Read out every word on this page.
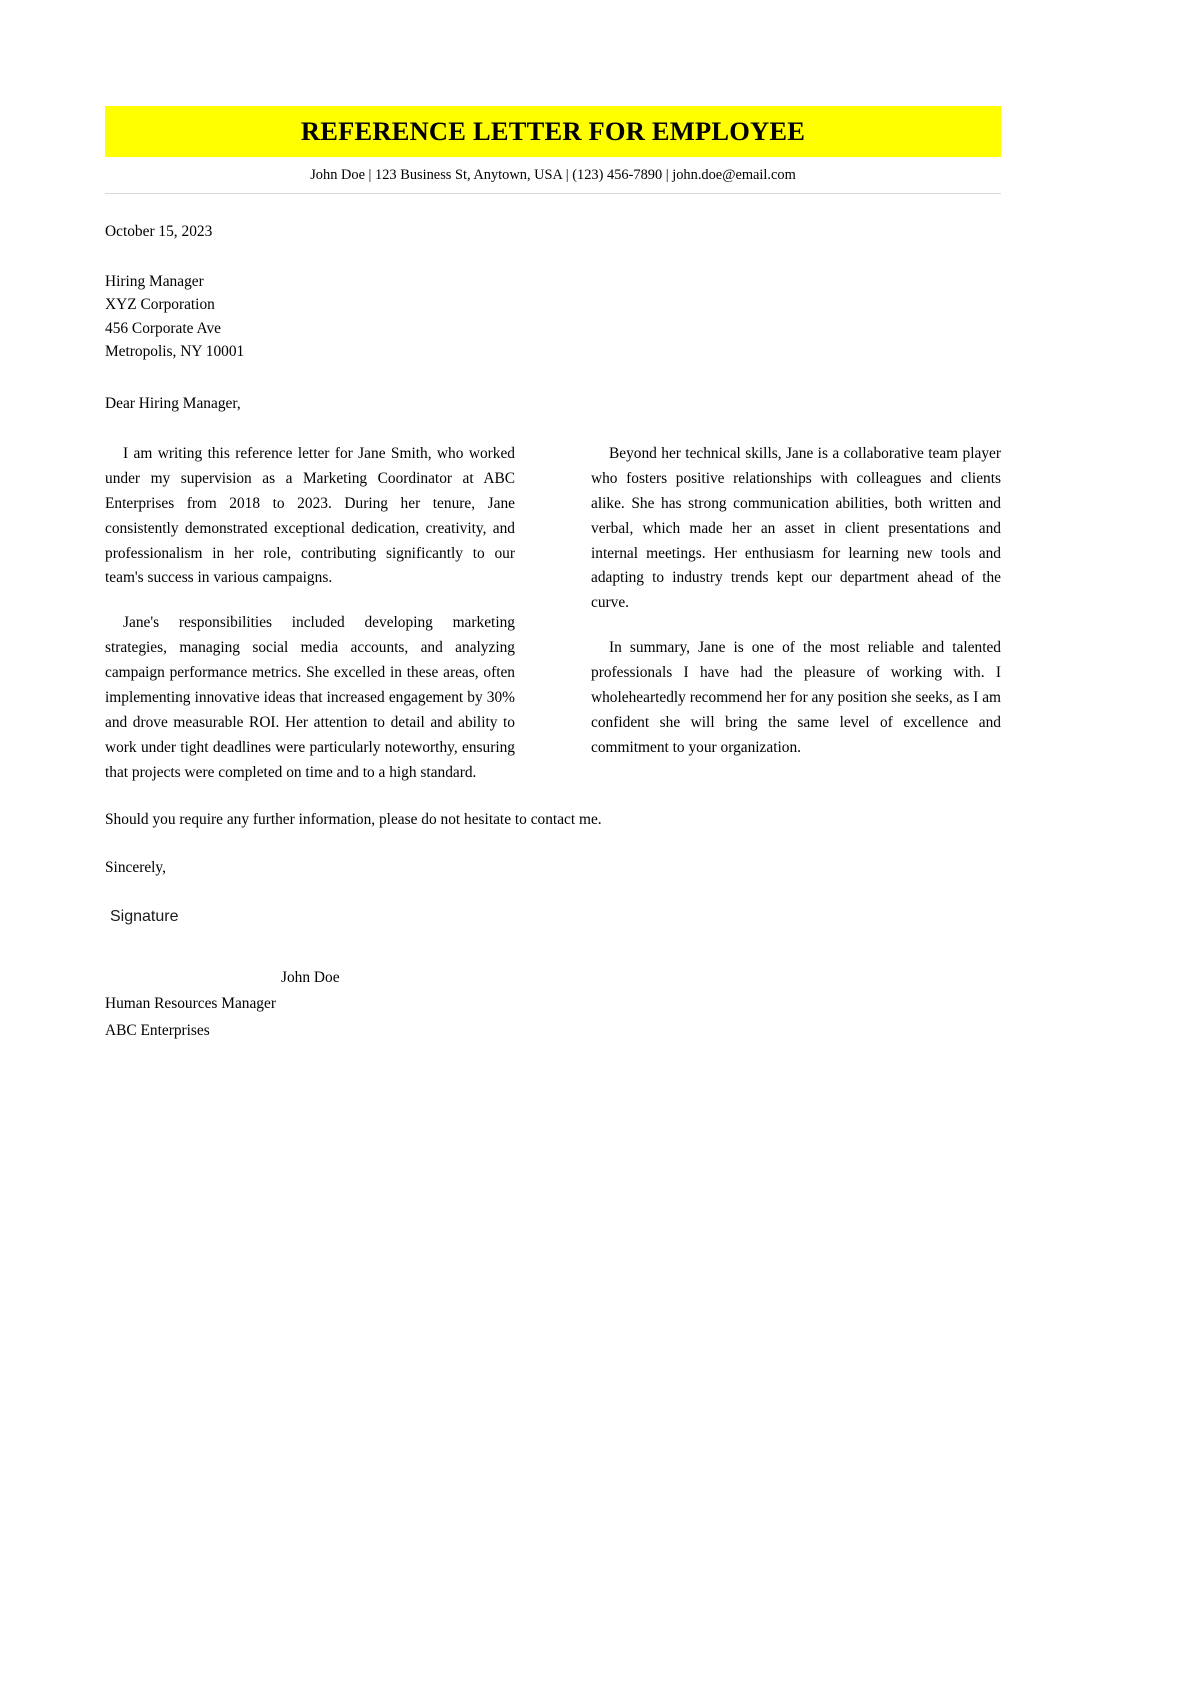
REFERENCE LETTER FOR EMPLOYEE
John Doe | 123 Business St, Anytown, USA | (123) 456-7890 | john.doe@email.com
October 15, 2023
Hiring Manager
XYZ Corporation
456 Corporate Ave
Metropolis, NY 10001
Dear Hiring Manager,

I am writing this reference letter for Jane Smith, who worked under my supervision as a Marketing Coordinator at ABC Enterprises from 2018 to 2023. During her tenure, Jane consistently demonstrated exceptional dedication, creativity, and professionalism in her role, contributing significantly to our team's success in various campaigns.

Jane's responsibilities included developing marketing strategies, managing social media accounts, and analyzing campaign performance metrics. She excelled in these areas, often implementing innovative ideas that increased engagement by 30% and drove measurable ROI. Her attention to detail and ability to work under tight deadlines were particularly noteworthy, ensuring that projects were completed on time and to a high standard.

Beyond her technical skills, Jane is a collaborative team player who fosters positive relationships with colleagues and clients alike. She has strong communication abilities, both written and verbal, which made her an asset in client presentations and internal meetings. Her enthusiasm for learning new tools and adapting to industry trends kept our department ahead of the curve.

In summary, Jane is one of the most reliable and talented professionals I have had the pleasure of working with. I wholeheartedly recommend her for any position she seeks, as I am confident she will bring the same level of excellence and commitment to your organization.

Should you require any further information, please do not hesitate to contact me.
Sincerely,
Signature
John Doe
Human Resources Manager
ABC Enterprises
